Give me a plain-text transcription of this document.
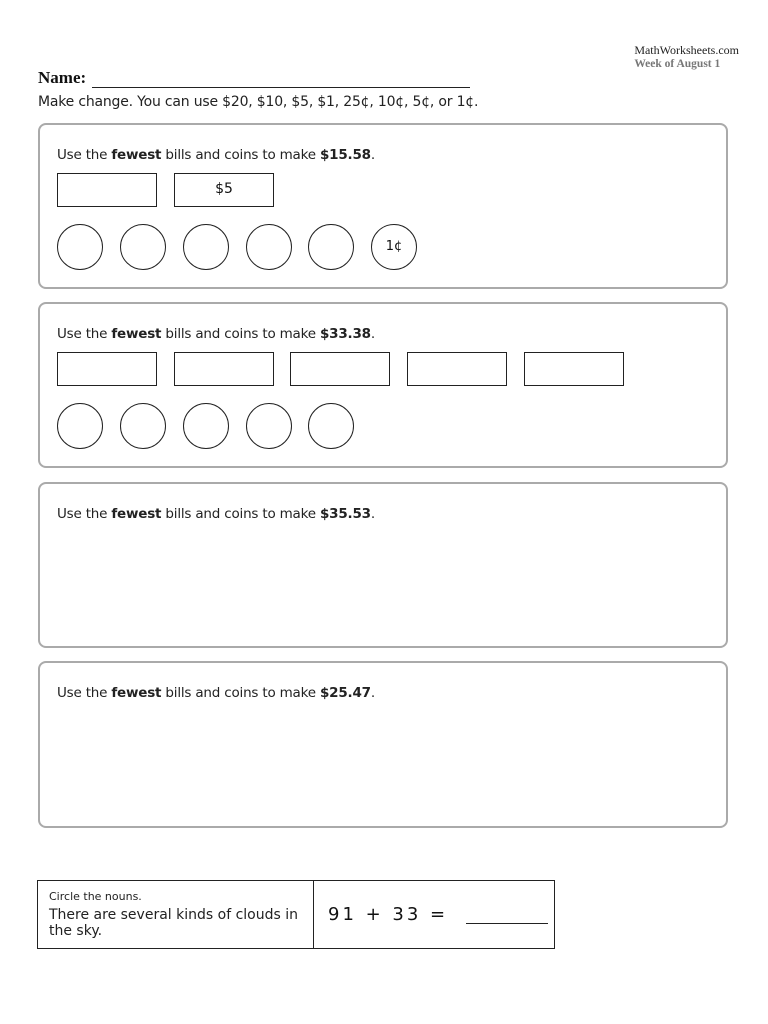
MathWorksheets.com
Week of August 1
Name:
Make change. You can use $20, $10, $5, $1, 25¢, 10¢, 5¢, or 1¢.
Use the fewest bills and coins to make $15.58.
$5
1¢
Use the fewest bills and coins to make $33.38.
Use the fewest bills and coins to make $35.53.
Use the fewest bills and coins to make $25.47.
Circle the nouns.
There are several kinds of clouds in the sky.
91 + 33 =
